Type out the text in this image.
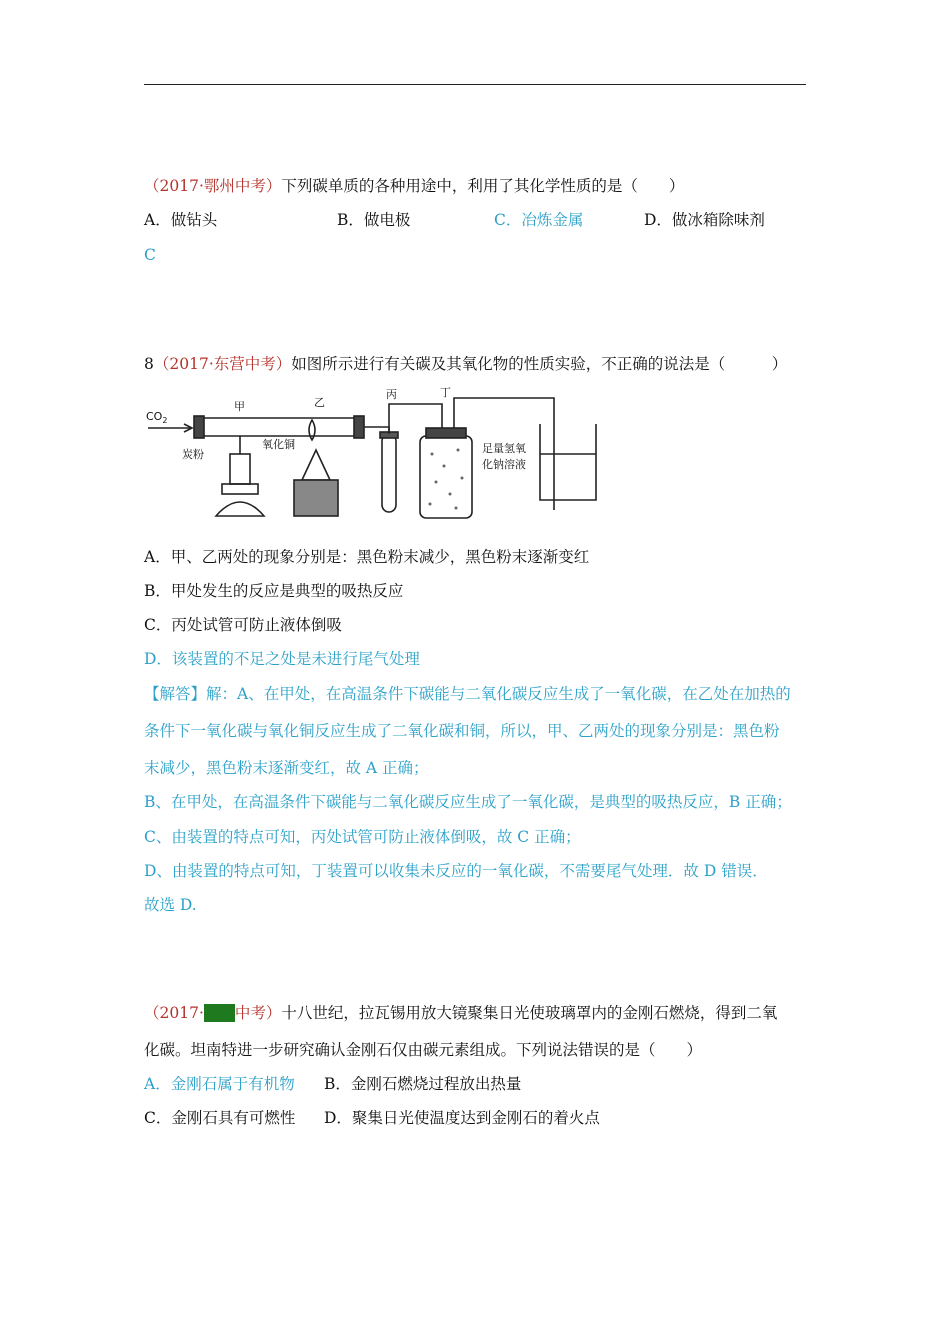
（2017·鄂州中考）下列碳单质的各种用途中，利用了其化学性质的是（　　）
A．做钻头	B．做电极	C．冶炼金属	D．做冰箱除味剂
C
8（2017·东营中考）如图所示进行有关碳及其氧化物的性质实验，不正确的说法是（　　　）
$CO_2$
甲	乙
丙	丁
炭粉
氧化铜	足量氢氧
化钠溶液
A．甲、乙两处的现象分别是：黑色粉末减少，黑色粉末逐渐变红
B．甲处发生的反应是典型的吸热反应
C．丙处试管可防止液体倒吸
D．该装置的不足之处是未进行尾气处理
【解答】解：A、在甲处，在高温条件下碳能与二氧化碳反应生成了一氧化碳，在乙处在加热的
条件下一氧化碳与氧化铜反应生成了二氧化碳和铜，所以，甲、乙两处的现象分别是：黑色粉
末减少，黑色粉末逐渐变红，故 A 正确；
B、在甲处，在高温条件下碳能与二氧化碳反应生成了一氧化碳，是典型的吸热反应，B 正确；
C、由装置的特点可知，丙处试管可防止液体倒吸，故 C 正确；
D、由装置的特点可知，丁装置可以收集未反应的一氧化碳，不需要尾气处理．故 D 错误．
故选 D.
（2017·青岛中考）十八世纪，拉瓦锡用放大镜聚集日光使玻璃罩内的金刚石燃烧，得到二氧
化碳。坦南特进一步研究确认金刚石仅由碳元素组成。下列说法错误的是（　　）
A．金刚石属于有机物 B．金刚石燃烧过程放出热量
C．金刚石具有可燃性 D．聚集日光使温度达到金刚石的着火点
